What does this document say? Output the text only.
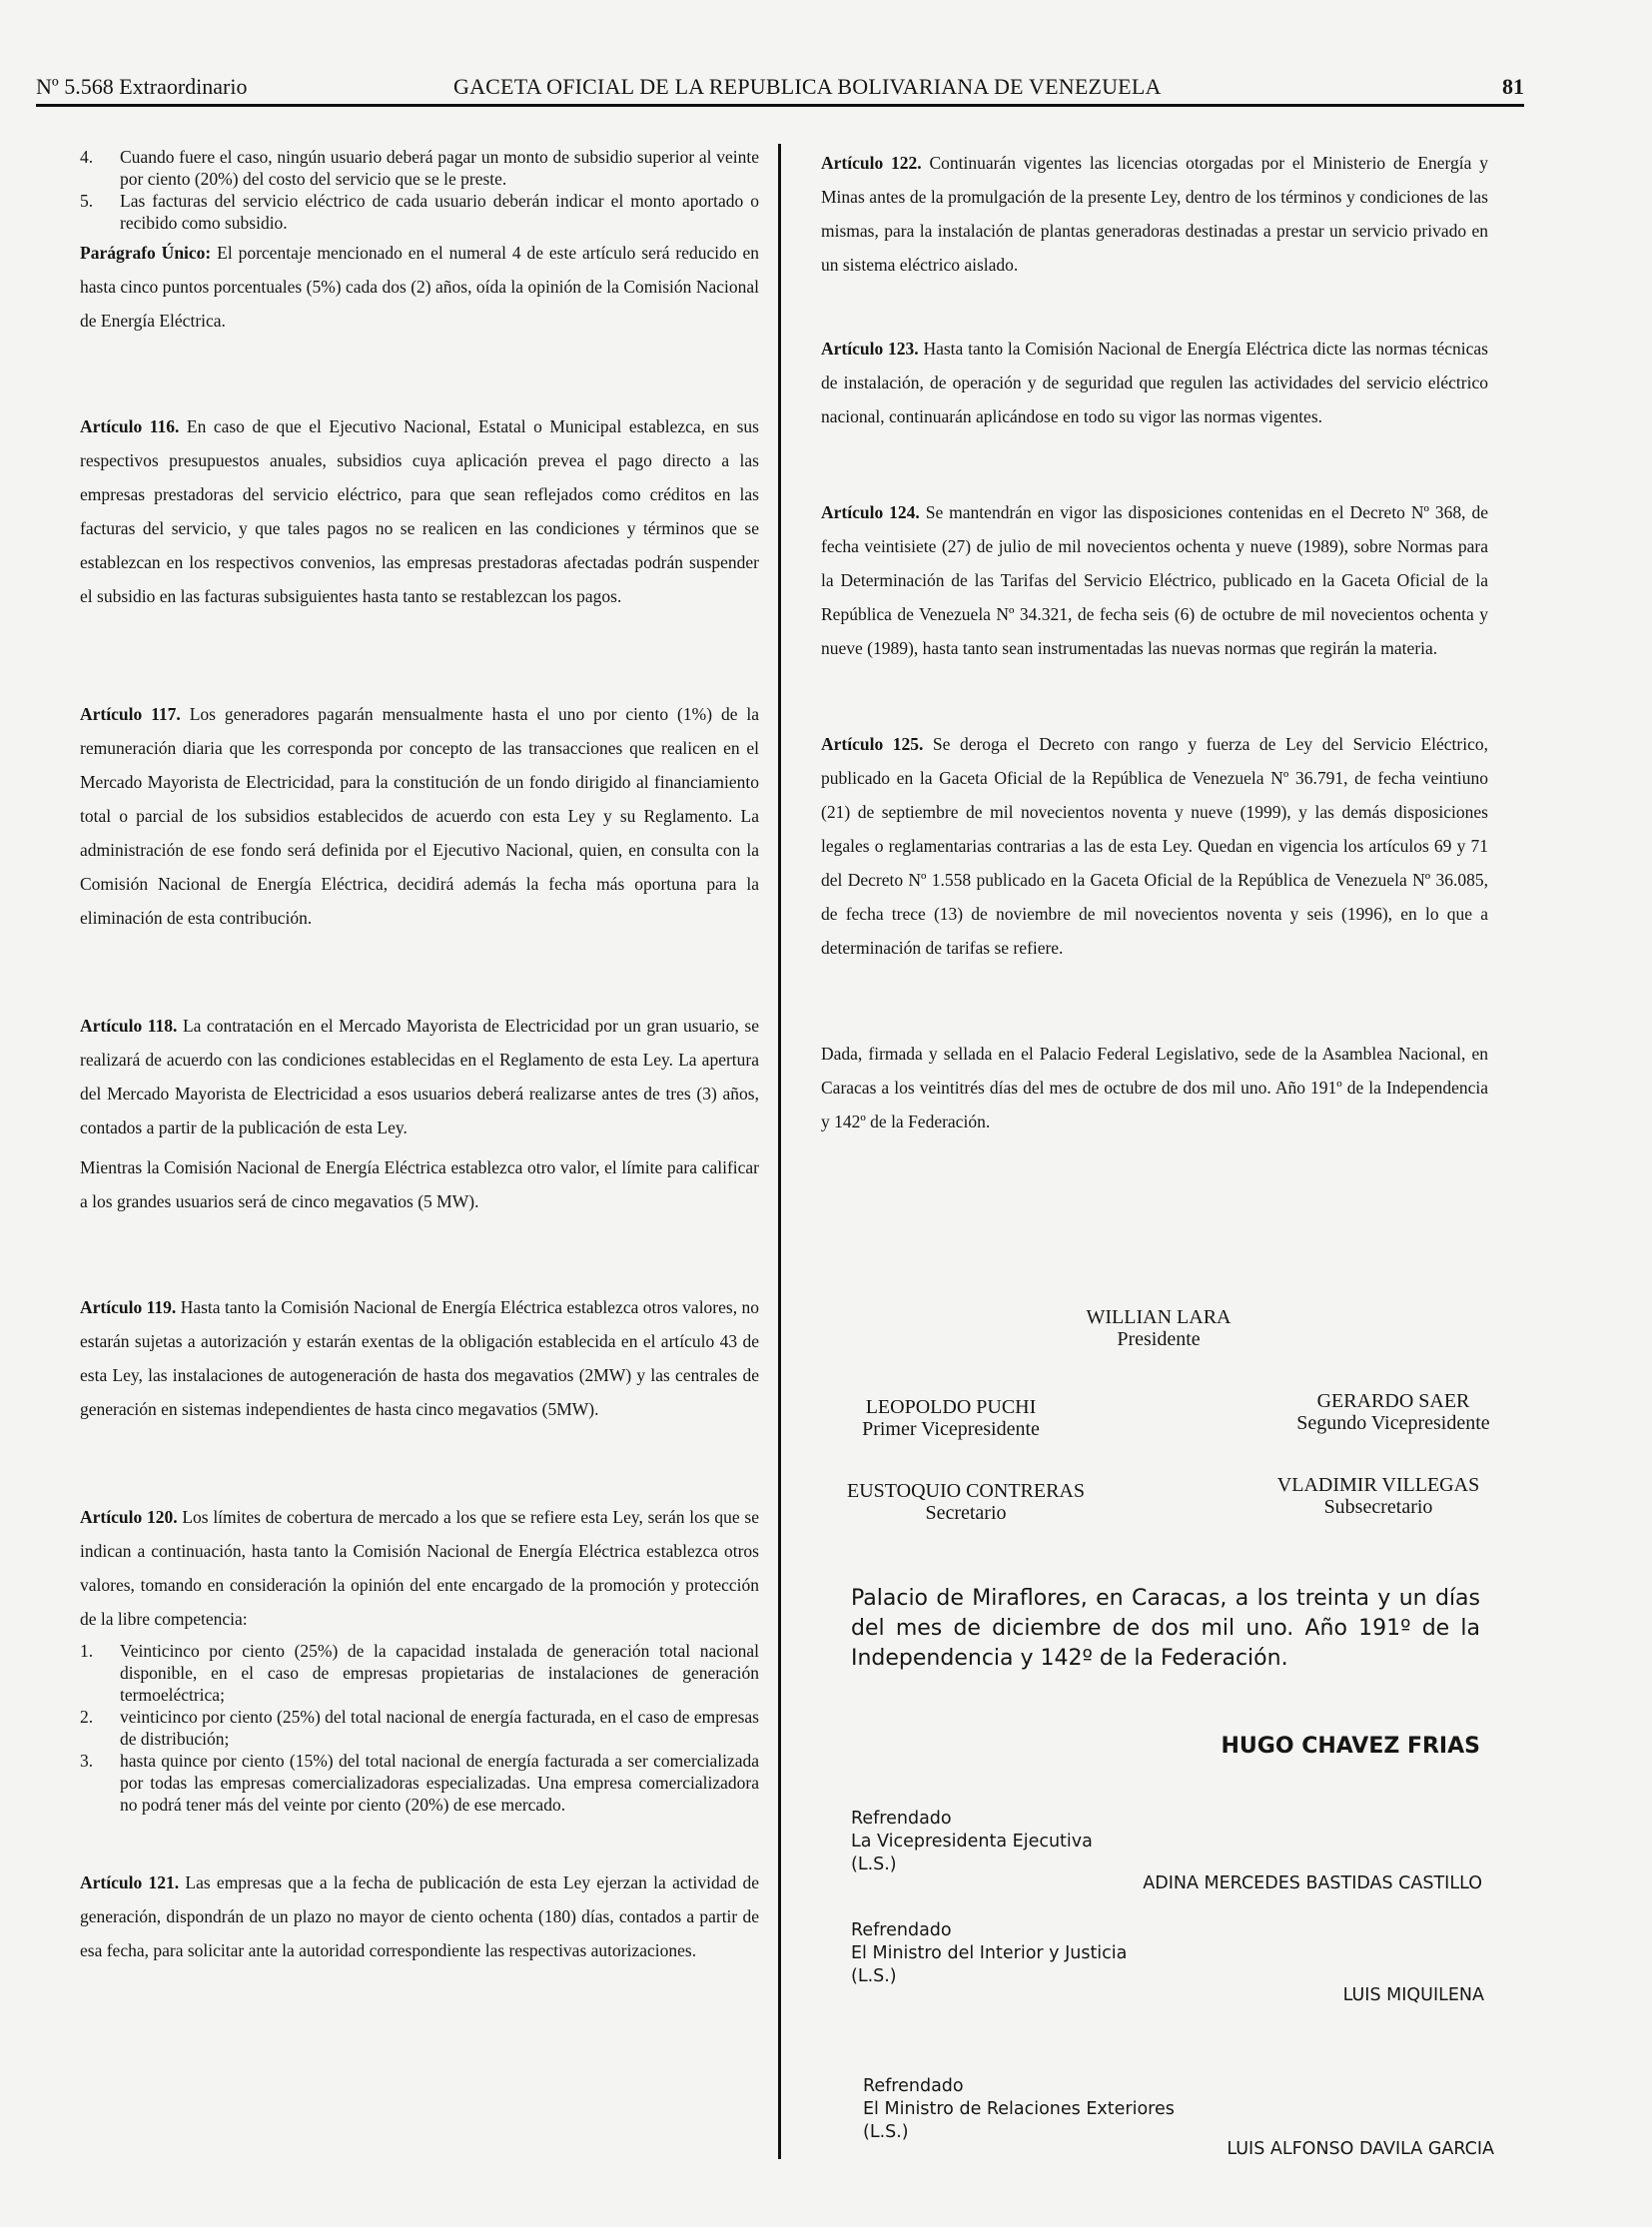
Nº 5.568 Extraordinario	GACETA OFICIAL DE LA REPUBLICA BOLIVARIANA DE VENEZUELA	81
4. Cuando fuere el caso, ningún usuario deberá pagar un monto de subsidio superior al veinte por ciento (20%) del costo del servicio que se le preste.
5. Las facturas del servicio eléctrico de cada usuario deberán indicar el monto aportado o recibido como subsidio.

Parágrafo Único: El porcentaje mencionado en el numeral 4 de este artículo será reducido en hasta cinco puntos porcentuales (5%) cada dos (2) años, oída la opinión de la Comisión Nacional de Energía Eléctrica.

Artículo 116. En caso de que el Ejecutivo Nacional, Estatal o Municipal establezca, en sus respectivos presupuestos anuales, subsidios cuya aplicación prevea el pago directo a las empresas prestadoras del servicio eléctrico, para que sean reflejados como créditos en las facturas del servicio, y que tales pagos no se realicen en las condiciones y términos que se establezcan en los respectivos convenios, las empresas prestadoras afectadas podrán suspender el subsidio en las facturas subsiguientes hasta tanto se restablezcan los pagos.

Artículo 117. Los generadores pagarán mensualmente hasta el uno por ciento (1%) de la remuneración diaria que les corresponda por concepto de las transacciones que realicen en el Mercado Mayorista de Electricidad, para la constitución de un fondo dirigido al financiamiento total o parcial de los subsidios establecidos de acuerdo con esta Ley y su Reglamento. La administración de ese fondo será definida por el Ejecutivo Nacional, quien, en consulta con la Comisión Nacional de Energía Eléctrica, decidirá además la fecha más oportuna para la eliminación de esta contribución.

Artículo 118. La contratación en el Mercado Mayorista de Electricidad por un gran usuario, se realizará de acuerdo con las condiciones establecidas en el Reglamento de esta Ley. La apertura del Mercado Mayorista de Electricidad a esos usuarios deberá realizarse antes de tres (3) años, contados a partir de la publicación de esta Ley.

Mientras la Comisión Nacional de Energía Eléctrica establezca otro valor, el límite para calificar a los grandes usuarios será de cinco megavatios (5 MW).

Artículo 119. Hasta tanto la Comisión Nacional de Energía Eléctrica establezca otros valores, no estarán sujetas a autorización y estarán exentas de la obligación establecida en el artículo 43 de esta Ley, las instalaciones de autogeneración de hasta dos megavatios (2MW) y las centrales de generación en sistemas independientes de hasta cinco megavatios (5MW).

Artículo 120. Los límites de cobertura de mercado a los que se refiere esta Ley, serán los que se indican a continuación, hasta tanto la Comisión Nacional de Energía Eléctrica establezca otros valores, tomando en consideración la opinión del ente encargado de la promoción y protección de la libre competencia:

1. Veinticinco por ciento (25%) de la capacidad instalada de generación total nacional disponible, en el caso de empresas propietarias de instalaciones de generación termoeléctrica;
2. veinticinco por ciento (25%) del total nacional de energía facturada, en el caso de empresas de distribución;
3. hasta quince por ciento (15%) del total nacional de energía facturada a ser comercializada por todas las empresas comercializadoras especializadas. Una empresa comercializadora no podrá tener más del veinte por ciento (20%) de ese mercado.

Artículo 121. Las empresas que a la fecha de publicación de esta Ley ejerzan la actividad de generación, dispondrán de un plazo no mayor de ciento ochenta (180) días, contados a partir de esa fecha, para solicitar ante la autoridad correspondiente las respectivas autorizaciones.

Artículo 122. Continuarán vigentes las licencias otorgadas por el Ministerio de Energía y Minas antes de la promulgación de la presente Ley, dentro de los términos y condiciones de las mismas, para la instalación de plantas generadoras destinadas a prestar un servicio privado en un sistema eléctrico aislado.

Artículo 123. Hasta tanto la Comisión Nacional de Energía Eléctrica dicte las normas técnicas de instalación, de operación y de seguridad que regulen las actividades del servicio eléctrico nacional, continuarán aplicándose en todo su vigor las normas vigentes.

Artículo 124. Se mantendrán en vigor las disposiciones contenidas en el Decreto Nº 368, de fecha veintisiete (27) de julio de mil novecientos ochenta y nueve (1989), sobre Normas para la Determinación de las Tarifas del Servicio Eléctrico, publicado en la Gaceta Oficial de la República de Venezuela Nº 34.321, de fecha seis (6) de octubre de mil novecientos ochenta y nueve (1989), hasta tanto sean instrumentadas las nuevas normas que regirán la materia.

Artículo 125. Se deroga el Decreto con rango y fuerza de Ley del Servicio Eléctrico, publicado en la Gaceta Oficial de la República de Venezuela Nº 36.791, de fecha veintiuno (21) de septiembre de mil novecientos noventa y nueve (1999), y las demás disposiciones legales o reglamentarias contrarias a las de esta Ley. Quedan en vigencia los artículos 69 y 71 del Decreto Nº 1.558 publicado en la Gaceta Oficial de la República de Venezuela Nº 36.085, de fecha trece (13) de noviembre de mil novecientos noventa y seis (1996), en lo que a determinación de tarifas se refiere.

Dada, firmada y sellada en el Palacio Federal Legislativo, sede de la Asamblea Nacional, en Caracas a los veintitrés días del mes de octubre de dos mil uno. Año 191º de la Independencia y 142º de la Federación.

WILLIAN LARA
Presidente
LEOPOLDO PUCHI
Primer Vicepresidente
GERARDO SAER
Segundo Vicepresidente
EUSTOQUIO CONTRERAS
Secretario
VLADIMIR VILLEGAS
Subsecretario
Palacio de Miraflores, en Caracas, a los treinta y un días del mes de diciembre de dos mil uno. Año 191º de la Independencia y 142º de la Federación.
HUGO CHAVEZ FRIAS
Refrendado
La Vicepresidenta Ejecutiva
(L.S.)
ADINA MERCEDES BASTIDAS CASTILLO
Refrendado
El Ministro del Interior y Justicia
(L.S.)
LUIS MIQUILENA
Refrendado
El Ministro de Relaciones Exteriores
(L.S.)
LUIS ALFONSO DAVILA GARCIA
